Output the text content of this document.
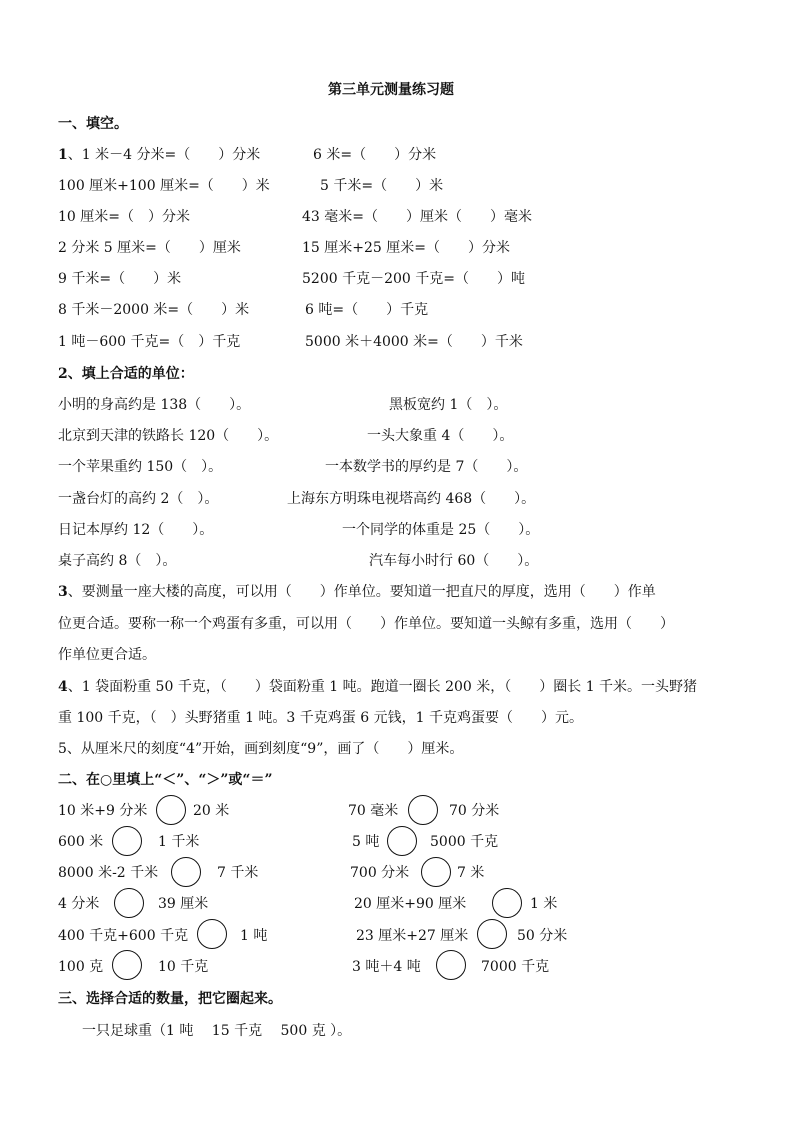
第三单元测量练习题
一、填空。
1、1 米－4 分米=（　　）分米	6 米=（　　）分米
100 厘米+100 厘米=（　　）米	5 千米=（　　）米
10 厘米=（　）分米	43 毫米=（　　）厘米（　　）毫米
2 分米 5 厘米=（　　）厘米	15 厘米+25 厘米=（　　）分米
9 千米=（　　）米	5200 千克－200 千克=（　　）吨
8 千米－2000 米=（　　）米	6 吨=（　　）千克
1 吨－600 千克=（　）千克	5000 米＋4000 米=（　　）千米
2、填上合适的单位：
小明的身高约是 138（　　）。	黑板宽约 1（　）。
北京到天津的铁路长 120（　　）。	一头大象重 4（　　）。
一个苹果重约 150（　）。	一本数学书的厚约是 7（　　）。
一盏台灯的高约 2（　）。	上海东方明珠电视塔高约 468（　　）。
日记本厚约 12（　　）。	一个同学的体重是 25（　　）。
桌子高约 8（　）。	汽车每小时行 60（　　）。
3、要测量一座大楼的高度，可以用（　　）作单位。要知道一把直尺的厚度，选用（　　）作单
位更合适。要称一称一个鸡蛋有多重，可以用（　　）作单位。要知道一头鲸有多重，选用（　　）
作单位更合适。
4、1 袋面粉重 50 千克，（　　）袋面粉重 1 吨。跑道一圈长 200 米，（　　）圈长 1 千米。一头野猪
重 100 千克，（　）头野猪重 1 吨。3 千克鸡蛋 6 元钱，1 千克鸡蛋要（　　）元。
5、从厘米尺的刻度“4”开始，画到刻度“9”，画了（　　）厘米。
二、在○里填上“＜”、“＞”或“＝”
10 米+9 分米	20 米	70 毫米	70 分米
600 米	1 千米	5 吨	5000 千克
8000 米-2 千米	7 千米	700 分米	7 米
4 分米	39 厘米	20 厘米+90 厘米	1 米
400 千克+600 千克	1 吨	23 厘米+27 厘米	50 分米
100 克	10 千克	3 吨＋4 吨	7000 千克
三、选择合适的数量，把它圈起来。
一只足球重（1 吨　 15 千克　 500 克 ）。
